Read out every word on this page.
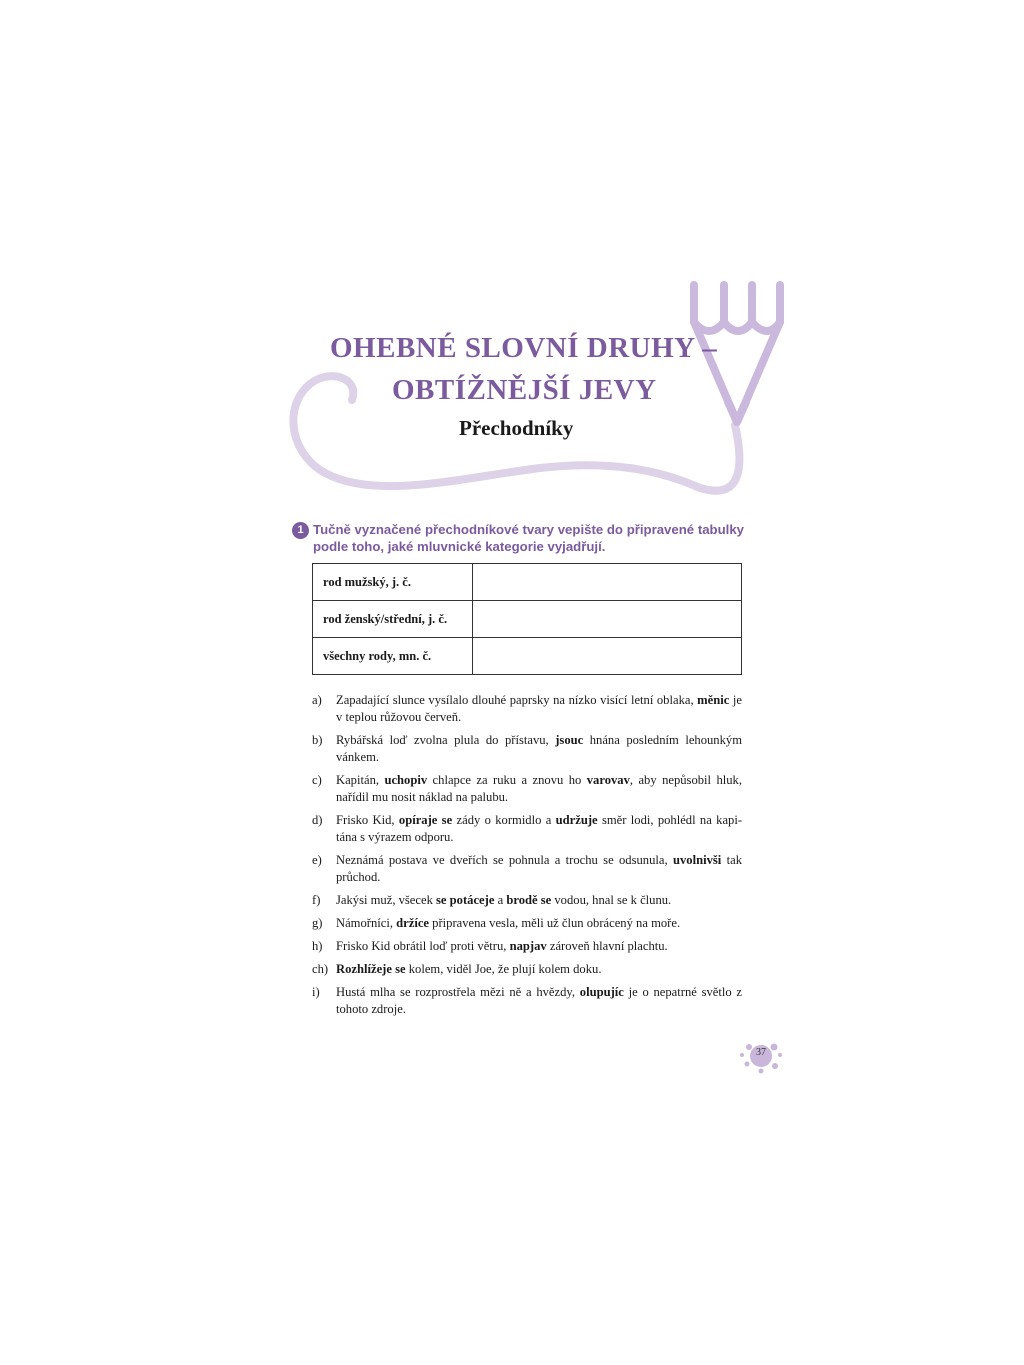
OHEBNÉ SLOVNÍ DRUHY –
OBTÍŽNĚJŠÍ JEVY
Přechodníky
1 Tučně vyznačené přechodníkové tvary vepište do připravené tabulky podle toho, jaké mluvnické kategorie vyjadřují.
rod mužský, j. č.	
rod ženský/střední, j. č.	
všechny rody, mn. č.	
a) Zapadající slunce vysílalo dlouhé paprsky na nízko visící letní oblaka, měnic je v teplou růžovou červeň.
b) Rybářská loď zvolna plula do přístavu, jsouc hnána posledním lehounkým vánkem.
c) Kapitán, uchopiv chlapce za ruku a znovu ho varovav, aby nepůsobil hluk, nařídil mu nosit náklad na palubu.
d) Frisko Kid, opíraje se zády o kormidlo a udržuje směr lodi, pohlédl na kapi-tána s výrazem odporu.
e) Neznámá postava ve dveřích se pohnula a trochu se odsunula, uvolnivši tak průchod.
f) Jakýsi muž, všecek se potáceje a brodě se vodou, hnal se k člunu.
g) Námořníci, držíce připravena vesla, měli už člun obrácený na moře.
h) Frisko Kid obrátil loď proti větru, napjav zároveň hlavní plachtu.
ch) Rozhlížeje se kolem, viděl Joe, že plují kolem doku.
i) Hustá mlha se rozprostřela mězi ně a hvězdy, olupujíc je o nepatrné světlo z tohoto zdroje.
37
